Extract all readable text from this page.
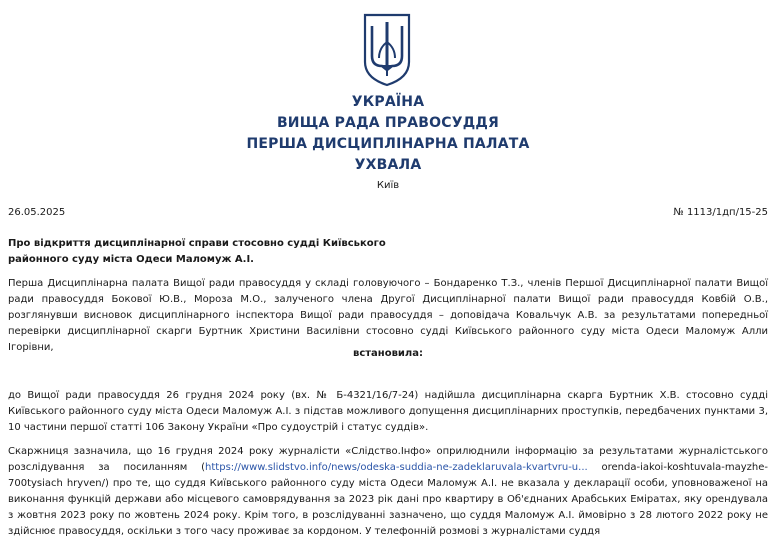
УКРАЇНА
ВИЩА РАДА ПРАВОСУДДЯ
ПЕРША ДИСЦИПЛІНАРНА ПАЛАТА
УХВАЛА
Київ
26.05.2025	№ 1113/1дп/15-25
Про відкриття дисциплінарної справи стосовно судді Київського районного суду міста Одеси Маломуж А.І.
Перша Дисциплінарна палата Вищої ради правосуддя у складі головуючого – Бондаренко Т.З., членів Першої Дисциплінарної палати Вищої ради правосуддя Бокової Ю.В., Мороза М.О., залученого члена Другої Дисциплінарної палати Вищої ради правосуддя Ковбій О.В., розглянувши висновок дисциплінарного інспектора Вищої ради правосуддя – доповідача Ковальчук А.В. за результатами попередньої перевірки дисциплінарної скарги Буртник Христини Василівни стосовно судді Київського районного суду міста Одеси Маломуж Алли Ігорівни,
встановила:
до Вищої ради правосуддя 26 грудня 2024 року (вх. № Б-4321/16/7-24) надійшла дисциплінарна скарга Буртник Х.В. стосовно судді Київського районного суду міста Одеси Маломуж А.І. з підстав можливого допущення дисциплінарних проступків, передбачених пунктами 3, 10 частини першої статті 106 Закону України «Про судоустрій і статус суддів».
Скаржниця зазначила, що 16 грудня 2024 року журналісти «Слідство.Інфо» оприлюднили інформацію за результатами журналістського розслідування за посиланням (https://www.slidstvo.info/news/odeska-suddia-ne-zadeklaruvala-kvartvru-u... orenda-iakoi-koshtuvala-mayzhe-700tysiach hryven/) про те, що суддя Київського районного суду міста Одеси Маломуж А.І. не вказала у декларації особи, уповноваженої на виконання функцій держави або місцевого самоврядування за 2023 рік дані про квартиру в Об'єднаних Арабських Еміратах, яку орендувала з жовтня 2023 року по жовтень 2024 року. Крім того, в розслідуванні зазначено, що суддя Маломуж А.І. ймовірно з 28 лютого 2022 року не здійснює правосуддя, оскільки з того часу проживає за кордоном. У телефонній розмові з журналістами суддя
